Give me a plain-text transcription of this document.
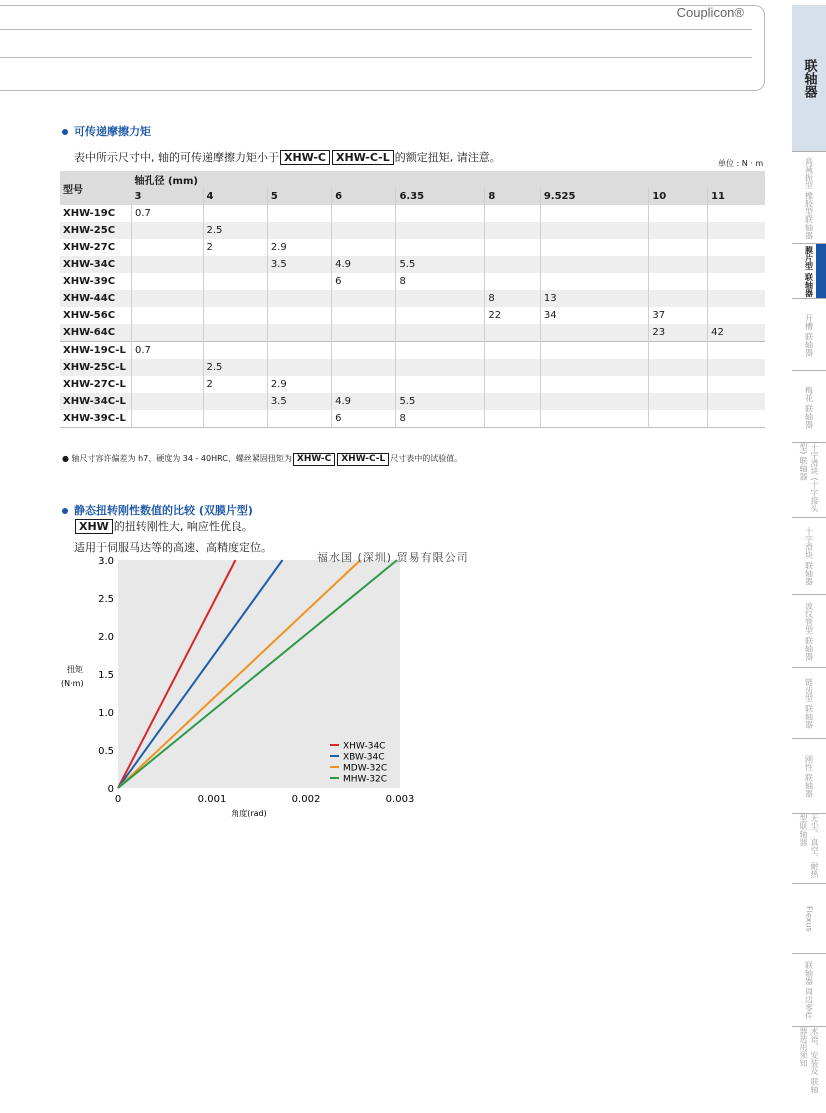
Couplicon®
可传递摩擦力矩
表中所示尺寸中, 轴的可传递摩擦力矩小于 XHW-C XHW-C-L 的额定扭矩, 请注意。	单位 : N · m
型号	轴孔径 (mm)								
	3	4	5	6	6.35	8	9.525	10	11
XHW-19C	0.7								
XHW-25C		2.5							
XHW-27C		2	2.9						
XHW-34C			3.5	4.9	5.5				
XHW-39C				6	8				
XHW-44C						8	13		
XHW-56C						22	34	37	
XHW-64C								23	42
XHW-19C-L	0.7								
XHW-25C-L		2.5							
XHW-27C-L		2	2.9						
XHW-34C-L			3.5	4.9	5.5				
XHW-39C-L				6	8				
● 轴尺寸容许偏差为 h7、硬度为 34 - 40HRC、螺丝紧固扭矩为 XHW-C XHW-C-L 尺寸表中的试验值。
静态扭转刚性数值的比较 (双膜片型)
XHW 的扭转刚性大, 响应性优良。
适用于伺服马达等的高速、高精度定位。
0
0.5
1.0
1.5
2.0
2.5
3.0
0	0.001	0.002	0.003
扭矩
(N·m)
角度(rad)
XHW-34C
XBW-34C
MDW-32C
MHW-32C
福水国 (深圳) 贸易有限公司
联轴器
高减振型 橡胶型联轴器
膜片型 联轴器
开槽 联轴器
梅花 联轴器
十字滑块 (十字接头型) 联轴器
十字滑块 联轴器
波纹管型 联轴器
链齿型 联轴器
刚性 联轴器
无尘、真空、耐热型联轴器
Flexus
联轴器 周边零件
术语、安装及 联轴器选用须知
